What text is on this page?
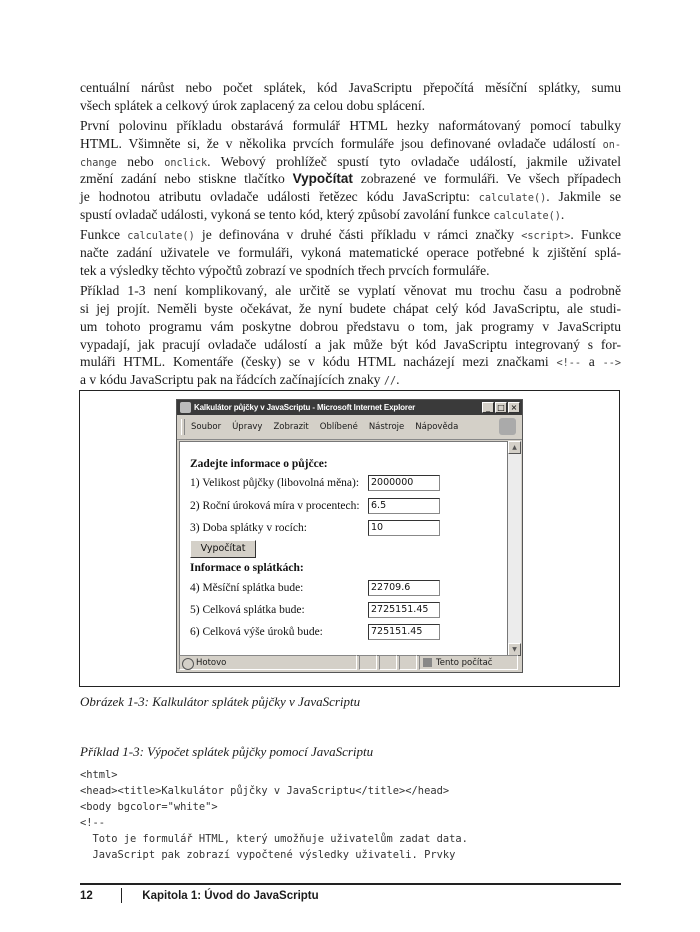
centuální nárůst nebo počet splátek, kód JavaScriptu přepočítá měsíční splátky, sumu
všech splátek a celkový úrok zaplacený za celou dobu splácení.
První polovinu příkladu obstarává formulář HTML hezky naformátovaný pomocí tabulky
HTML. Všimněte si, že v několika prvcích formuláře jsou definované ovladače událostí on-
change nebo onclick. Webový prohlížeč spustí tyto ovladače událostí, jakmile uživatel
změní zadání nebo stiskne tlačítko Vypočítat zobrazené ve formuláři. Ve všech případech
je hodnotou atributu ovladače události řetězec kódu JavaScriptu: calculate(). Jakmile se
spustí ovladač události, vykoná se tento kód, který způsobí zavolání funkce calculate().
Funkce calculate() je definována v druhé části příkladu v rámci značky <script>. Funkce
načte zadání uživatele ve formuláři, vykoná matematické operace potřebné k zjištění splá-
tek a výsledky těchto výpočtů zobrazí ve spodních třech prvcích formuláře.
Příklad 1-3 není komplikovaný, ale určitě se vyplatí věnovat mu trochu času a podrobně
si jej projít. Neměli byste očekávat, že nyní budete chápat celý kód JavaScriptu, ale studi-
um tohoto programu vám poskytne dobrou představu o tom, jak programy v JavaScriptu
vypadají, jak pracují ovladače událostí a jak může být kód JavaScriptu integrovaný s for-
muláři HTML. Komentáře (česky) se v kódu HTML nacházejí mezi značkami <!-- a -->
a v kódu JavaScriptu pak na řádcích začínajících znaky //.
Kalkulátor půjčky v JavaScriptu - Microsoft Internet Explorer	_ □ ×
Soubor Úpravy Zobrazit Oblíbené Nástroje Nápověda
Zadejte informace o půjčce:
1) Velikost půjčky (libovolná měna):	2000000
2) Roční úroková míra v procentech:	6.5
3) Doba splátky v rocích:	10
Vypočítat
Informace o splátkách:
4) Měsíční splátka bude:	22709.6
5) Celková splátka bude:	2725151.45
6) Celková výše úroků bude:	725151.45
▲
▼
Hotovo	Tento počítač
Obrázek 1-3: Kalkulátor splátek půjčky v JavaScriptu
Příklad 1-3: Výpočet splátek půjčky pomocí JavaScriptu
<html>
<head><title>Kalkulátor půjčky v JavaScriptu</title></head>
<body bgcolor="white">
<!--
Toto je formulář HTML, který umožňuje uživatelům zadat data.
JavaScript pak zobrazí vypočtené výsledky uživateli. Prvky
12	Kapitola 1: Úvod do JavaScriptu
